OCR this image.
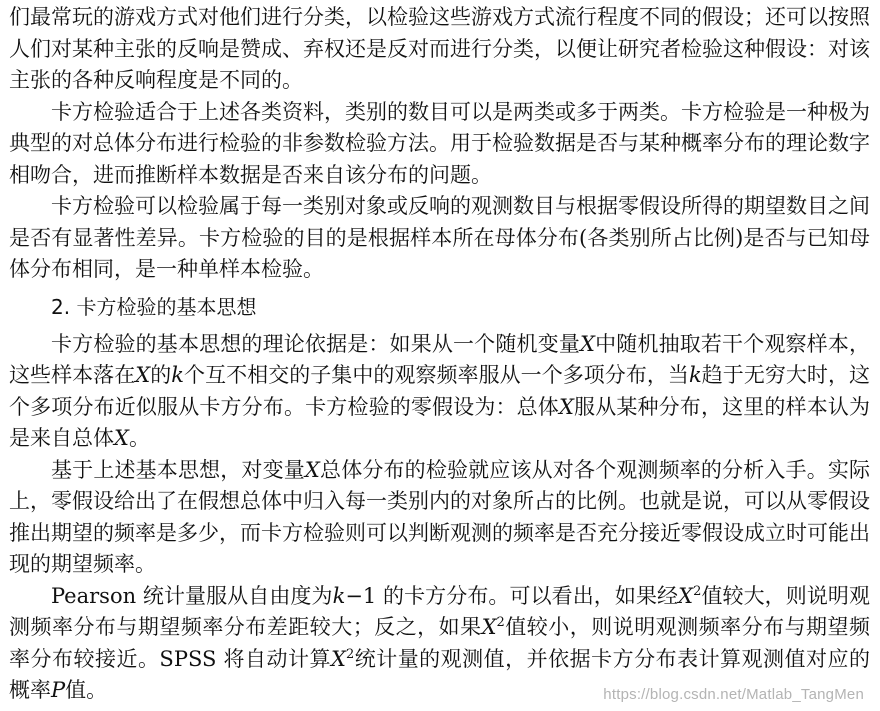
们最常玩的游戏方式对他们进行分类，以检验这些游戏方式流行程度不同的假设；还可以按照人们对某种主张的反响是赞成、弃权还是反对而进行分类，以便让研究者检验这种假设：对该主张的各种反响程度是不同的。

卡方检验适合于上述各类资料，类别的数目可以是两类或多于两类。卡方检验是一种极为典型的对总体分布进行检验的非参数检验方法。用于检验数据是否与某种概率分布的理论数字相吻合，进而推断样本数据是否来自该分布的问题。

卡方检验可以检验属于每一类别对象或反响的观测数目与根据零假设所得的期望数目之间是否有显著性差异。卡方检验的目的是根据样本所在母体分布(各类别所占比例)是否与已知母体分布相同，是一种单样本检验。

2. 卡方检验的基本思想

卡方检验的基本思想的理论依据是：如果从一个随机变量X中随机抽取若干个观察样本，这些样本落在X的k个互不相交的子集中的观察频率服从一个多项分布，当k趋于无穷大时，这个多项分布近似服从卡方分布。卡方检验的零假设为：总体X服从某种分布，这里的样本认为是来自总体X。

基于上述基本思想，对变量X总体分布的检验就应该从对各个观测频率的分析入手。实际上，零假设给出了在假想总体中归入每一类别内的对象所占的比例。也就是说，可以从零假设推出期望的频率是多少，而卡方检验则可以判断观测的频率是否充分接近零假设成立时可能出现的期望频率。

Pearson 统计量服从自由度为k−1 的卡方分布。可以看出，如果经$X^2$值较大，则说明观测频率分布与期望频率分布差距较大；反之，如果$X^2$值较小，则说明观测频率分布与期望频率分布较接近。SPSS 将自动计算$X^2$统计量的观测值，并依据卡方分布表计算观测值对应的概率P值。	https://blog.csdn.net/Matlab_TangMen
